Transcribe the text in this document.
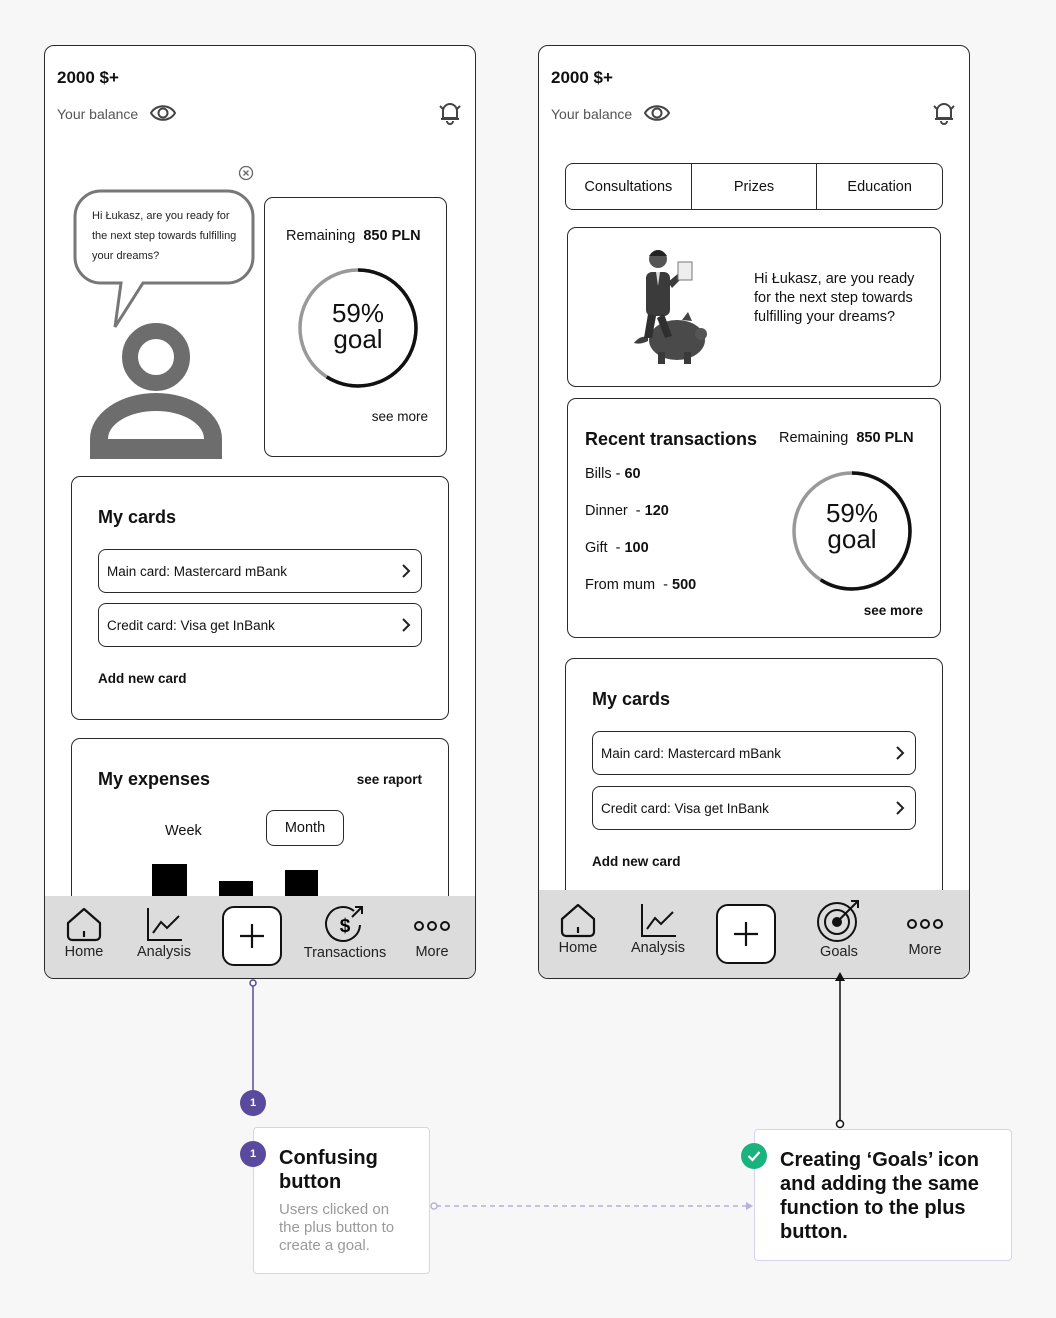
2000 $+
Your balance
Hi Łukasz, are you ready for the next step towards fulfilling your dreams?
Remaining 850 PLN
59%
goal
see more
My cards
Main card: Mastercard mBank
Credit card: Visa get InBank
Add new card
My expenses	see raport
Week	Month
Home Analysis
$
Transactions	More
2000 $+
Your balance
Consultations	Prizes	Education
Hi Łukasz, are you ready for the next step towards fulfilling your dreams?
Recent transactions Remaining 850 PLN
Bills - 60
Dinner  - 120
Gift  - 100
From mum  - 500
59%
goal
see more
My cards
Main card: Mastercard mBank
Credit card: Visa get InBank
Add new card
Home Analysis	Goals	More
1
1	Confusing button
Users clicked on the plus button to create a goal.
Creating ‘Goals’ icon and adding the same function to the plus button.
